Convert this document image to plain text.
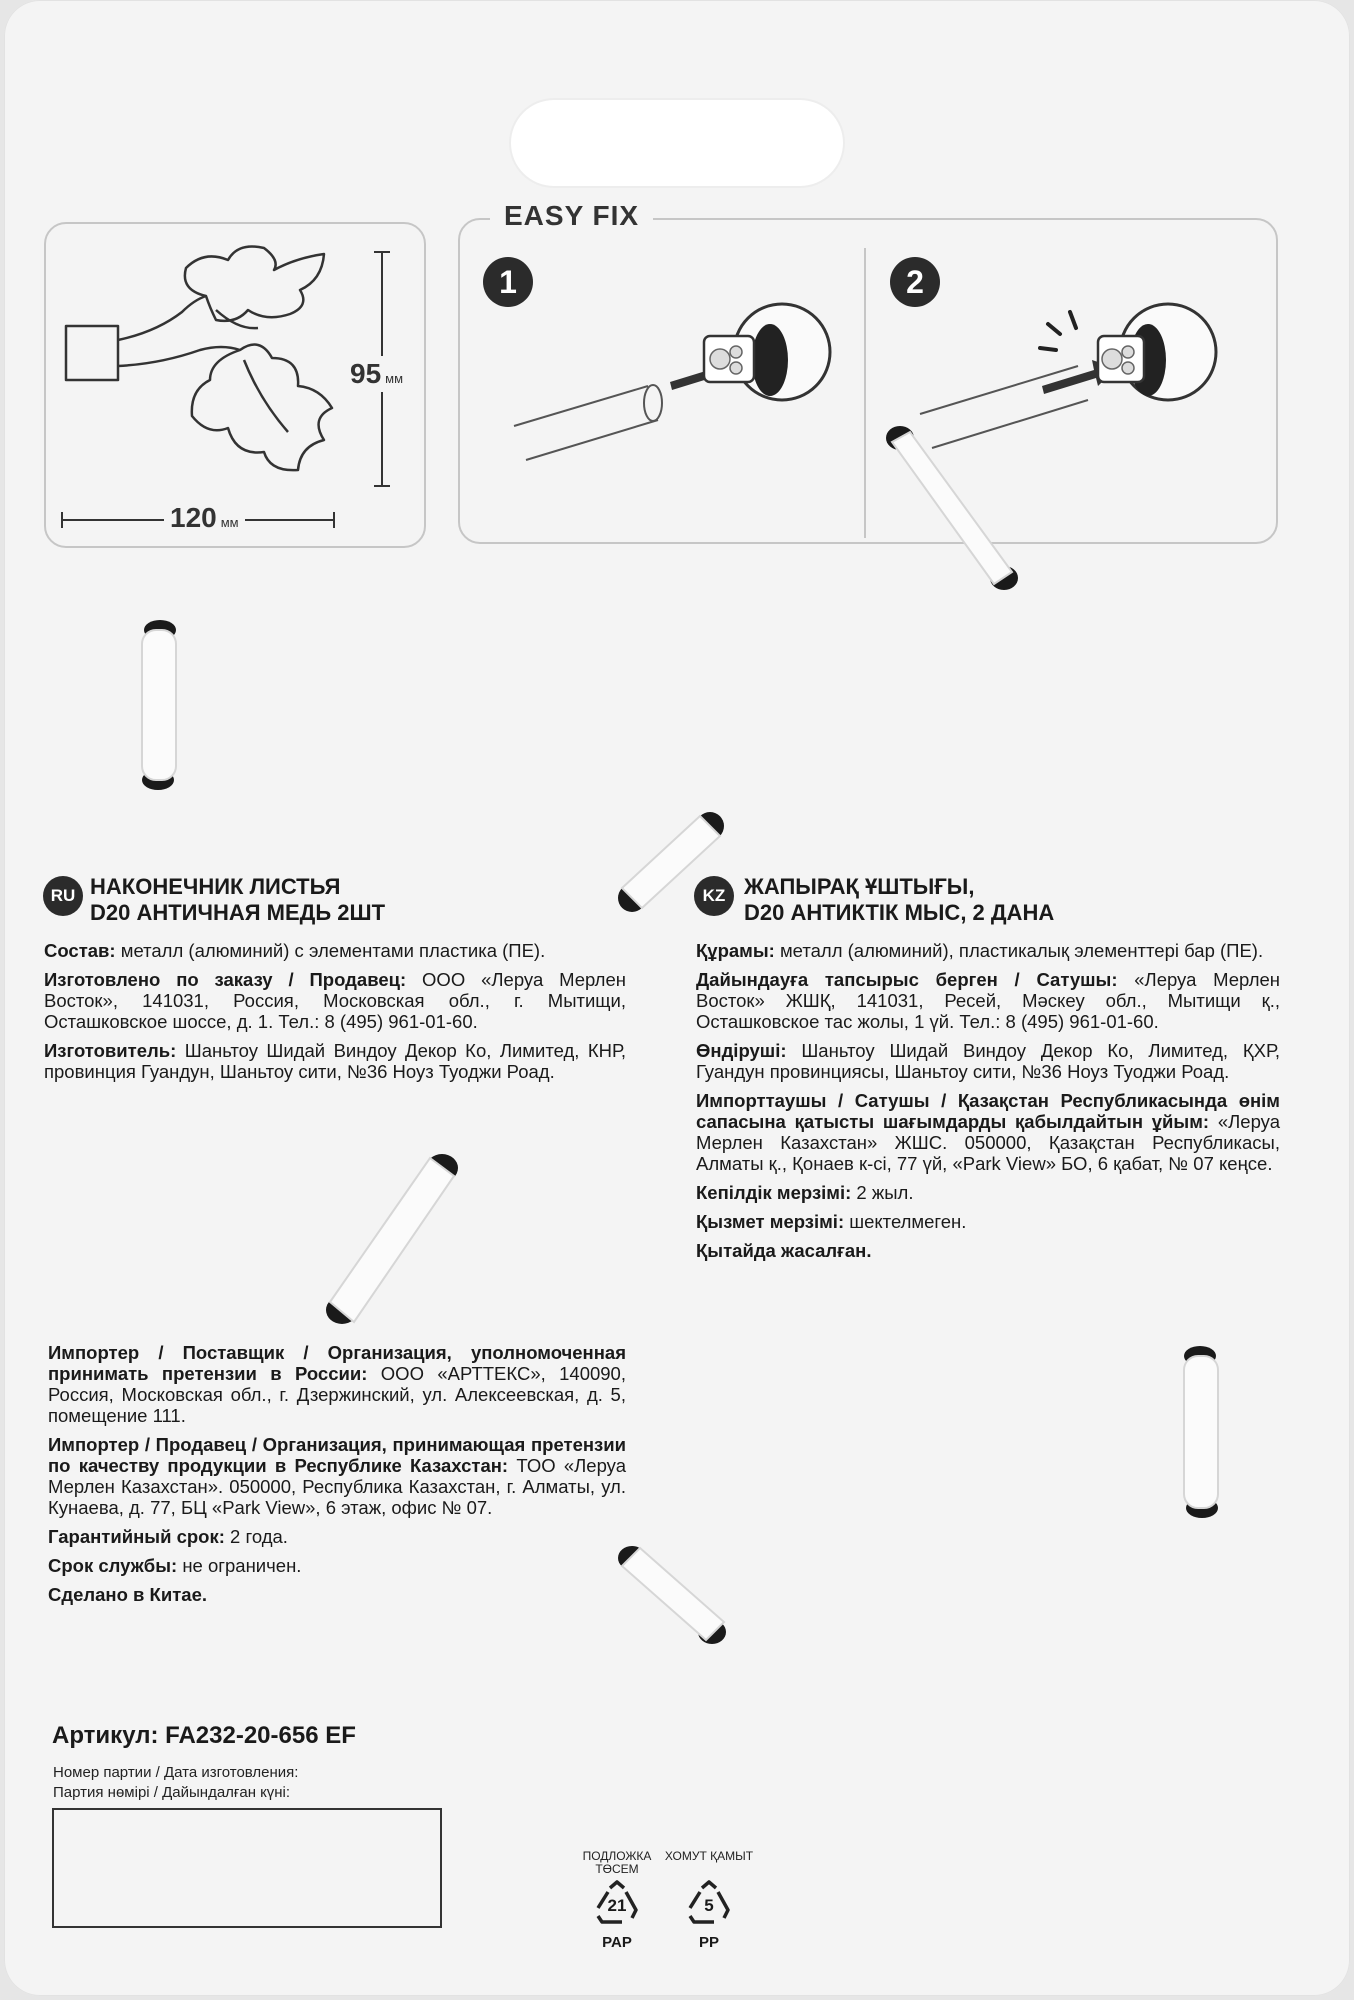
95 мм
120 мм
EASY FIX
1	2
RU НАКОНЕЧНИК ЛИСТЬЯ
D20 АНТИЧНАЯ МЕДЬ 2ШТ

Состав: металл (алюминий) с элементами пластика (ПЕ).

Изготовлено по заказу / Продавец: ООО «Леруа Мерлен Восток», 141031, Россия, Московская обл., г. Мытищи, Осташковское шоссе, д. 1. Тел.: 8 (495) 961-01-60.

Изготовитель: Шаньтоу Шидай Виндоу Декор Ко, Лимитед, КНР, провинция Гуандун, Шаньтоу сити, №36 Ноуз Туоджи Роад.

Импортер / Поставщик / Организация, уполномоченная принимать претензии в России: ООО «АРТТЕКС», 140090, Россия, Московская обл., г. Дзержинский, ул. Алексеевская, д. 5, помещение 111.

Импортер / Продавец / Организация, принимающая претензии по качеству продукции в Республике Казахстан: ТОО «Леруа Мерлен Казахстан». 050000, Республика Казахстан, г. Алматы, ул. Кунаева, д. 77, БЦ «Park View», 6 этаж, офис № 07.

Гарантийный срок: 2 года.

Срок службы: не ограничен.

Сделано в Китае.

KZ ЖАПЫРАҚ ҰШТЫҒЫ,
D20 АНТИКТІК МЫС, 2 ДАНА

Құрамы: металл (алюминий), пластикалық элементтері бар (ПЕ).

Дайындауға тапсырыс берген / Сатушы: «Леруа Мерлен Восток» ЖШҚ, 141031, Ресей, Мәскеу обл., Мытищи қ., Осташковское тас жолы, 1 үй. Тел.: 8 (495) 961-01-60.

Өндіруші: Шаньтоу Шидай Виндоу Декор Ко, Лимитед, ҚХР, Гуандун провинциясы, Шаньтоу сити, №36 Ноуз Туоджи Роад.

Импорттаушы / Сатушы / Қазақстан Республикасында өнім сапасына қатысты шағымдарды қабылдайтын ұйым: «Леруа Мерлен Казахстан» ЖШС. 050000, Қазақстан Республикасы, Алматы қ., Қонаев к-сі, 77 үй, «Park View» БО, 6 қабат, № 07 кеңсе.

Кепілдік мерзімі: 2 жыл.

Қызмет мерзімі: шектелмеген.

Қытайда жасалған.

Артикул: FA232-20-656 EF
Номер партии / Дата изготовления:
Партия нөмірі / Дайындалған күні:
ПОДЛОЖКА ТӨСЕМ
21
PAP
ХОМУТ ҚАМЫТ
5
PP
